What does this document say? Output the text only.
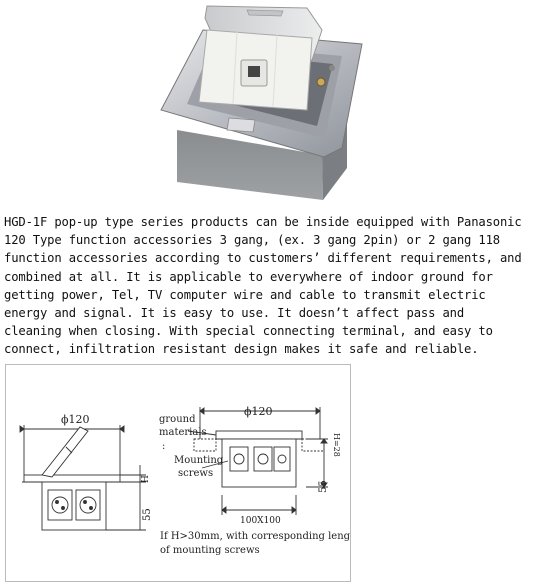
HGD-1F pop-up type series products can be inside equipped with Panasonic
120 Type function accessories 3 gang, (ex. 3 gang 2pin) or 2 gang 118
function accessories according to customers’ different requirements, and
combined at all. It is applicable to everywhere of indoor ground for
getting power, Tel, TV computer wire and cable to transmit electric
energy and signal. It is easy to use. It doesn’t affect pass and
cleaning when closing. With special connecting terminal, and easy to
connect, infiltration resistant design makes it safe and reliable.
ϕ120
H
55
ground
materials
:
Mounting
screws
ϕ120
H=28
55
100X100
If H>30mm, with corresponding length
of mounting screws
